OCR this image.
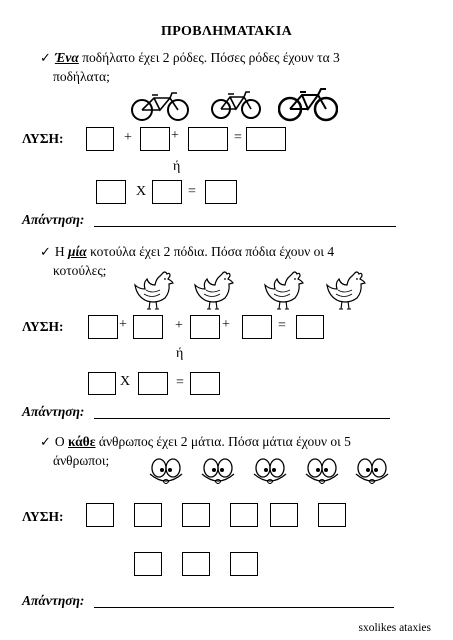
ΠΡΟΒΛΗΜΑΤΑΚΙΑ
✓ Ένα ποδήλατο έχει 2 ρόδες. Πόσες ρόδες έχουν τα 3
ποδήλατα;
ΛΥΣΗ:	+	+	=
ή
Χ	=
Απάντηση:
✓ Η μία κοτούλα έχει 2 πόδια. Πόσα πόδια έχουν οι 4
κοτούλες;
ΛΥΣΗ:	+	+	+	=
ή
Χ	=
Απάντηση:
✓ Ο κάθε άνθρωπος έχει 2 μάτια. Πόσα μάτια έχουν οι 5
άνθρωποι;
ΛΥΣΗ:
Απάντηση:
sxolikes ataxies
